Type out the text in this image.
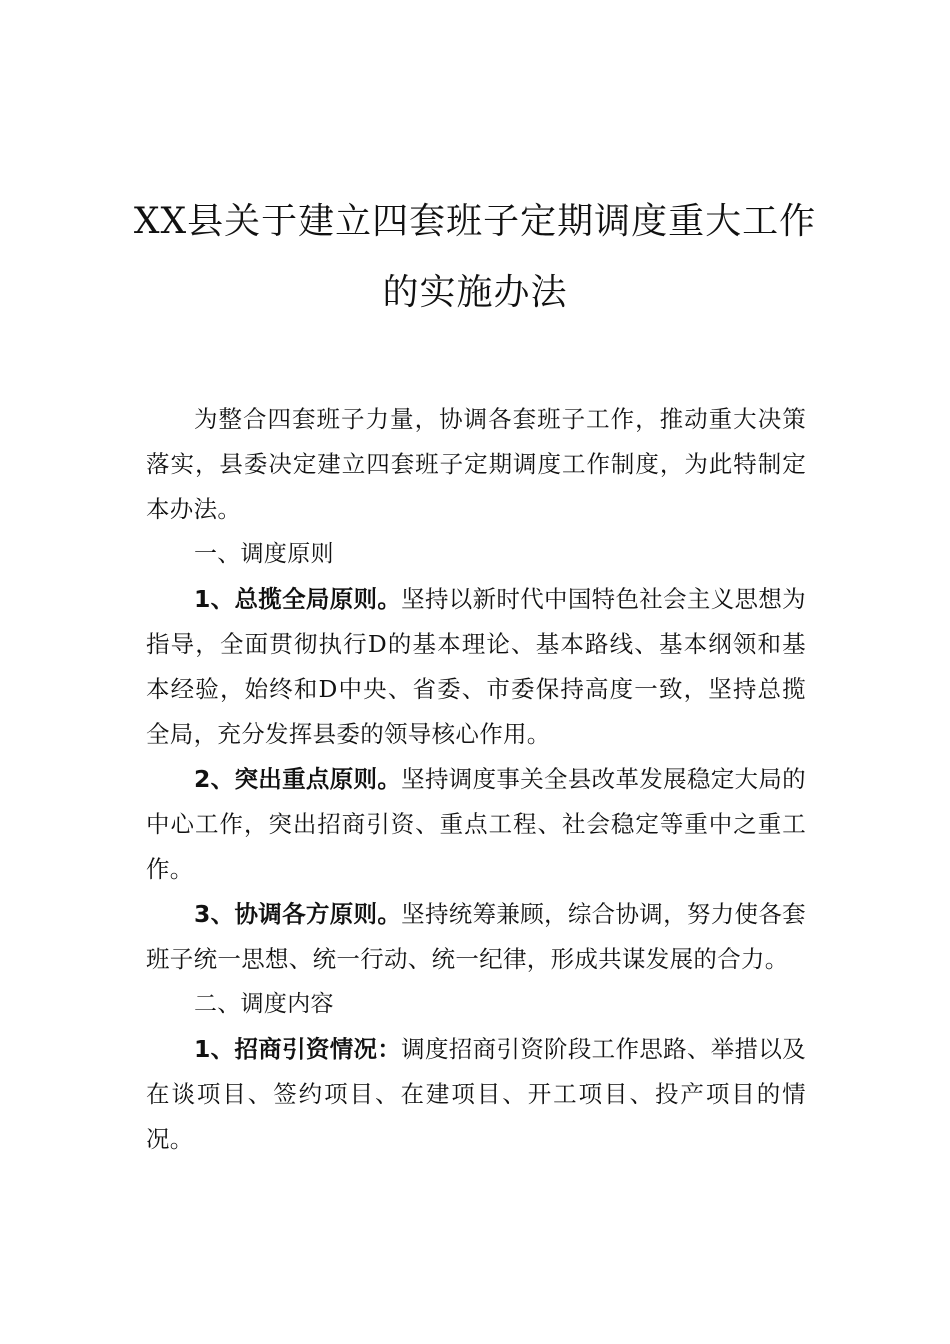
XX县关于建立四套班子定期调度重大工作
的实施办法

为整合四套班子力量，协调各套班子工作，推动重大决策落实，县委决定建立四套班子定期调度工作制度，为此特制定本办法。

一、调度原则

1、总揽全局原则。坚持以新时代中国特色社会主义思想为指导，全面贯彻执行D的基本理论、基本路线、基本纲领和基本经验，始终和D中央、省委、市委保持高度一致，坚持总揽全局，充分发挥县委的领导核心作用。

2、突出重点原则。坚持调度事关全县改革发展稳定大局的中心工作，突出招商引资、重点工程、社会稳定等重中之重工作。

3、协调各方原则。坚持统筹兼顾，综合协调，努力使各套班子统一思想、统一行动、统一纪律，形成共谋发展的合力。

二、调度内容

1、招商引资情况：调度招商引资阶段工作思路、举措以及在谈项目、签约项目、在建项目、开工项目、投产项目的情况。
